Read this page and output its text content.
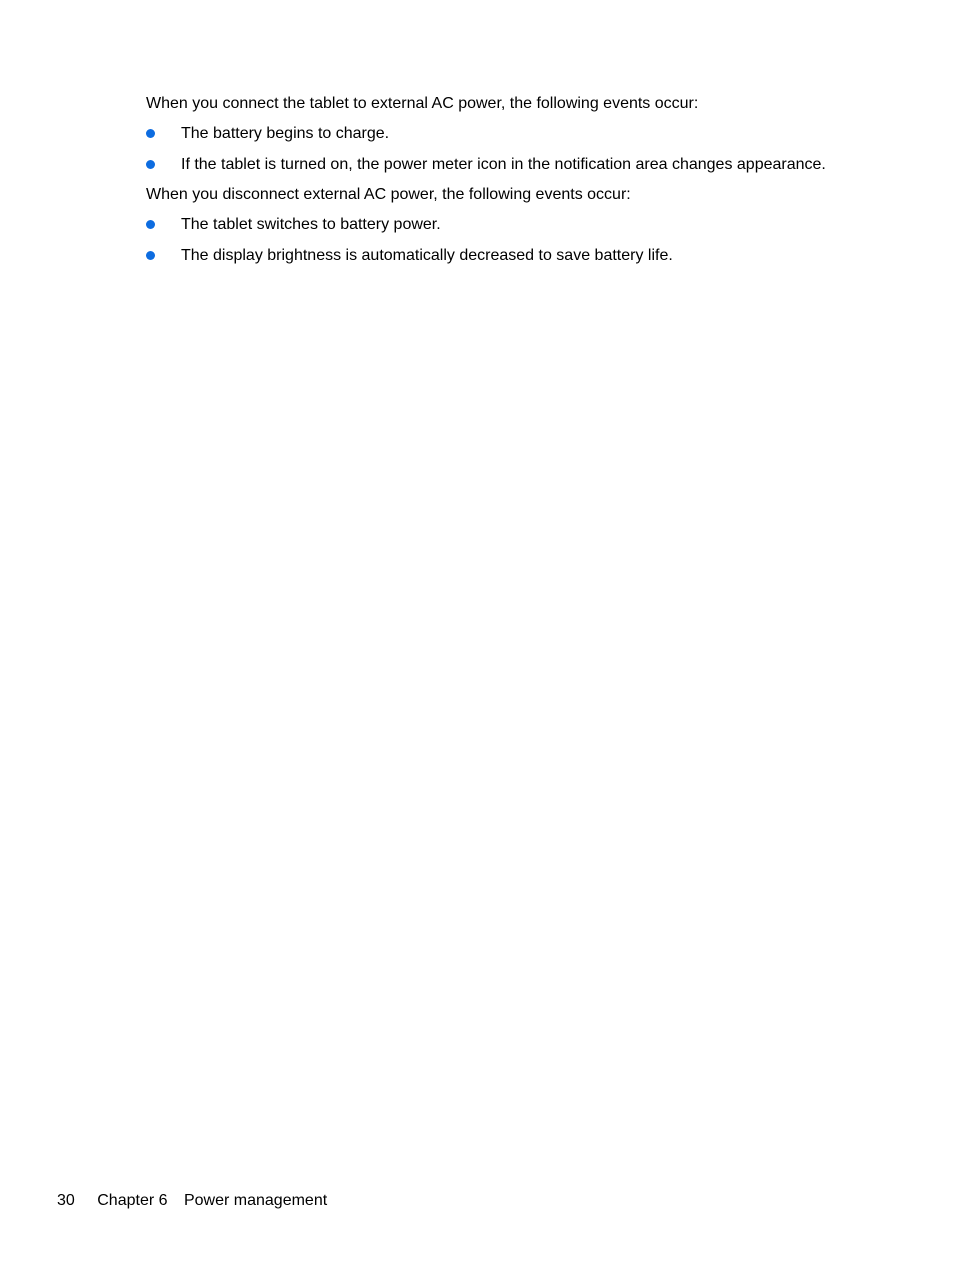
When you connect the tablet to external AC power, the following events occur:

The battery begins to charge.
If the tablet is turned on, the power meter icon in the notification area changes appearance.

When you disconnect external AC power, the following events occur:

The tablet switches to battery power.
The display brightness is automatically decreased to save battery life.
30 Chapter 6 Power management
